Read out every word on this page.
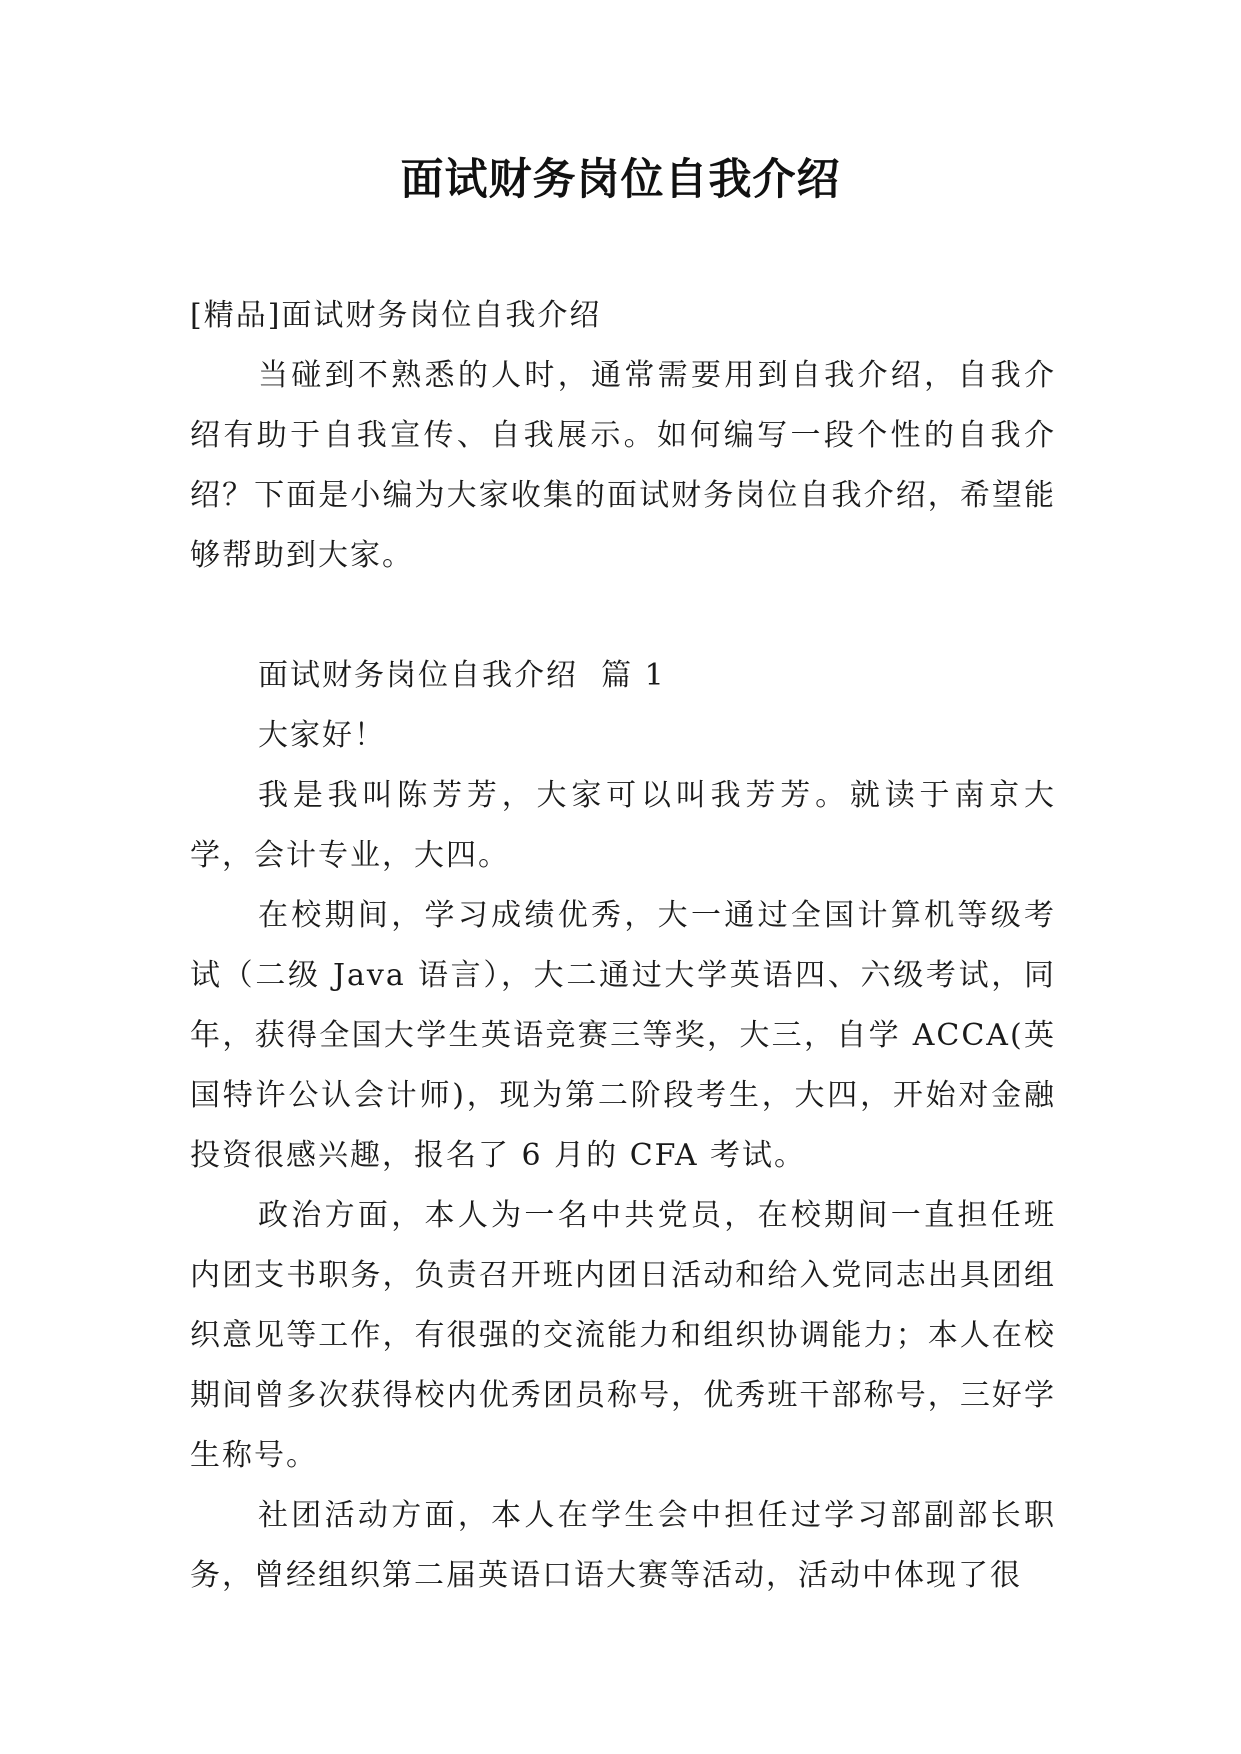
面试财务岗位自我介绍

[精品]面试财务岗位自我介绍

当碰到不熟悉的人时，通常需要用到自我介绍，自我介绍有助于自我宣传、自我展示。如何编写一段个性的自我介绍？下面是小编为大家收集的面试财务岗位自我介绍，希望能够帮助到大家。

面试财务岗位自我介绍  篇 1

大家好！

我是我叫陈芳芳，大家可以叫我芳芳。就读于南京大学，会计专业，大四。

在校期间，学习成绩优秀，大一通过全国计算机等级考试（二级 Java 语言），大二通过大学英语四、六级考试，同年，获得全国大学生英语竞赛三等奖，大三，自学 ACCA(英国特许公认会计师)，现为第二阶段考生，大四，开始对金融投资很感兴趣，报名了 6 月的 CFA 考试。

政治方面，本人为一名中共党员，在校期间一直担任班内团支书职务，负责召开班内团日活动和给入党同志出具团组织意见等工作，有很强的交流能力和组织协调能力；本人在校期间曾多次获得校内优秀团员称号，优秀班干部称号，三好学生称号。

社团活动方面，本人在学生会中担任过学习部副部长职务，曾经组织第二届英语口语大赛等活动，活动中体现了很
